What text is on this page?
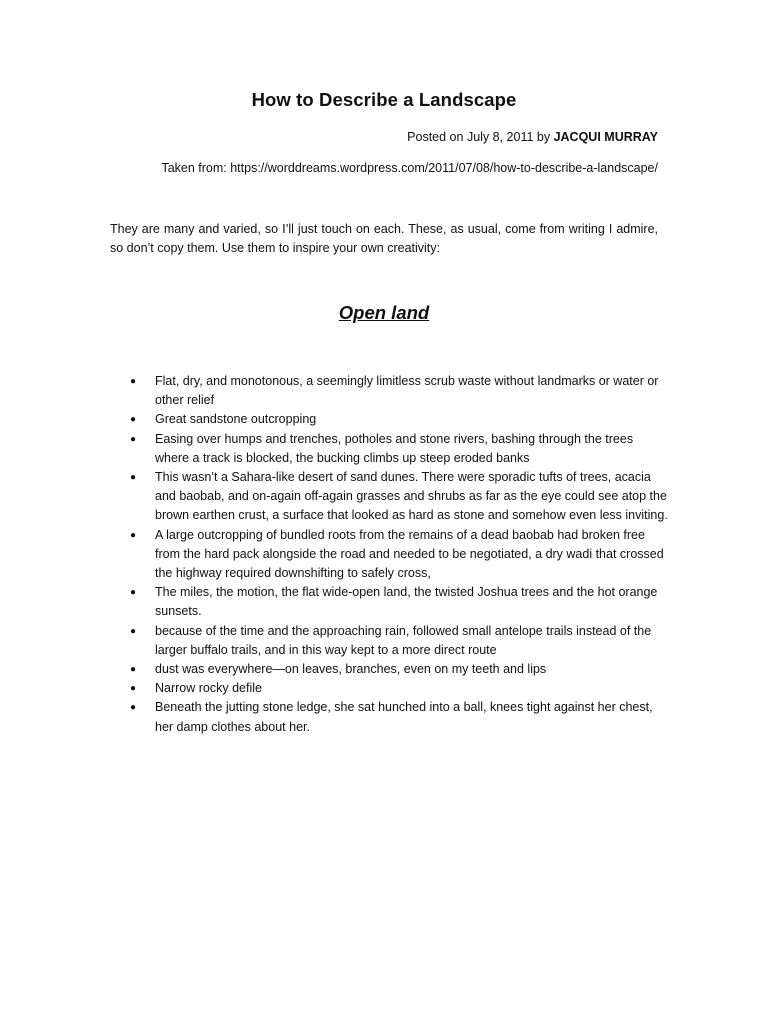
How to Describe a Landscape
Posted on July 8, 2011 by JACQUI MURRAY
Taken from: https://worddreams.wordpress.com/2011/07/08/how-to-describe-a-landscape/

They are many and varied, so I’ll just touch on each. These, as usual, come from writing I admire, so don’t copy them. Use them to inspire your own creativity:

Open land
● Flat, dry, and monotonous, a seemingly limitless scrub waste without landmarks or water or other relief
● Great sandstone outcropping
● Easing over humps and trenches, potholes and stone rivers, bashing through the trees where a track is blocked, the bucking climbs up steep eroded banks
● This wasn’t a Sahara-like desert of sand dunes. There were sporadic tufts of trees, acacia and baobab, and on-again off-again grasses and shrubs as far as the eye could see atop the brown earthen crust, a surface that looked as hard as stone and somehow even less inviting.
● A large outcropping of bundled roots from the remains of a dead baobab had broken free from the hard pack alongside the road and needed to be negotiated, a dry wadi that crossed the highway required downshifting to safely cross,
● The miles, the motion, the flat wide-open land, the twisted Joshua trees and the hot orange sunsets.
● because of the time and the approaching rain, followed small antelope trails instead of the larger buffalo trails, and in this way kept to a more direct route
● dust was everywhere—on leaves, branches, even on my teeth and lips
● Narrow rocky defile
● Beneath the jutting stone ledge, she sat hunched into a ball, knees tight against her chest, her damp clothes about her.
